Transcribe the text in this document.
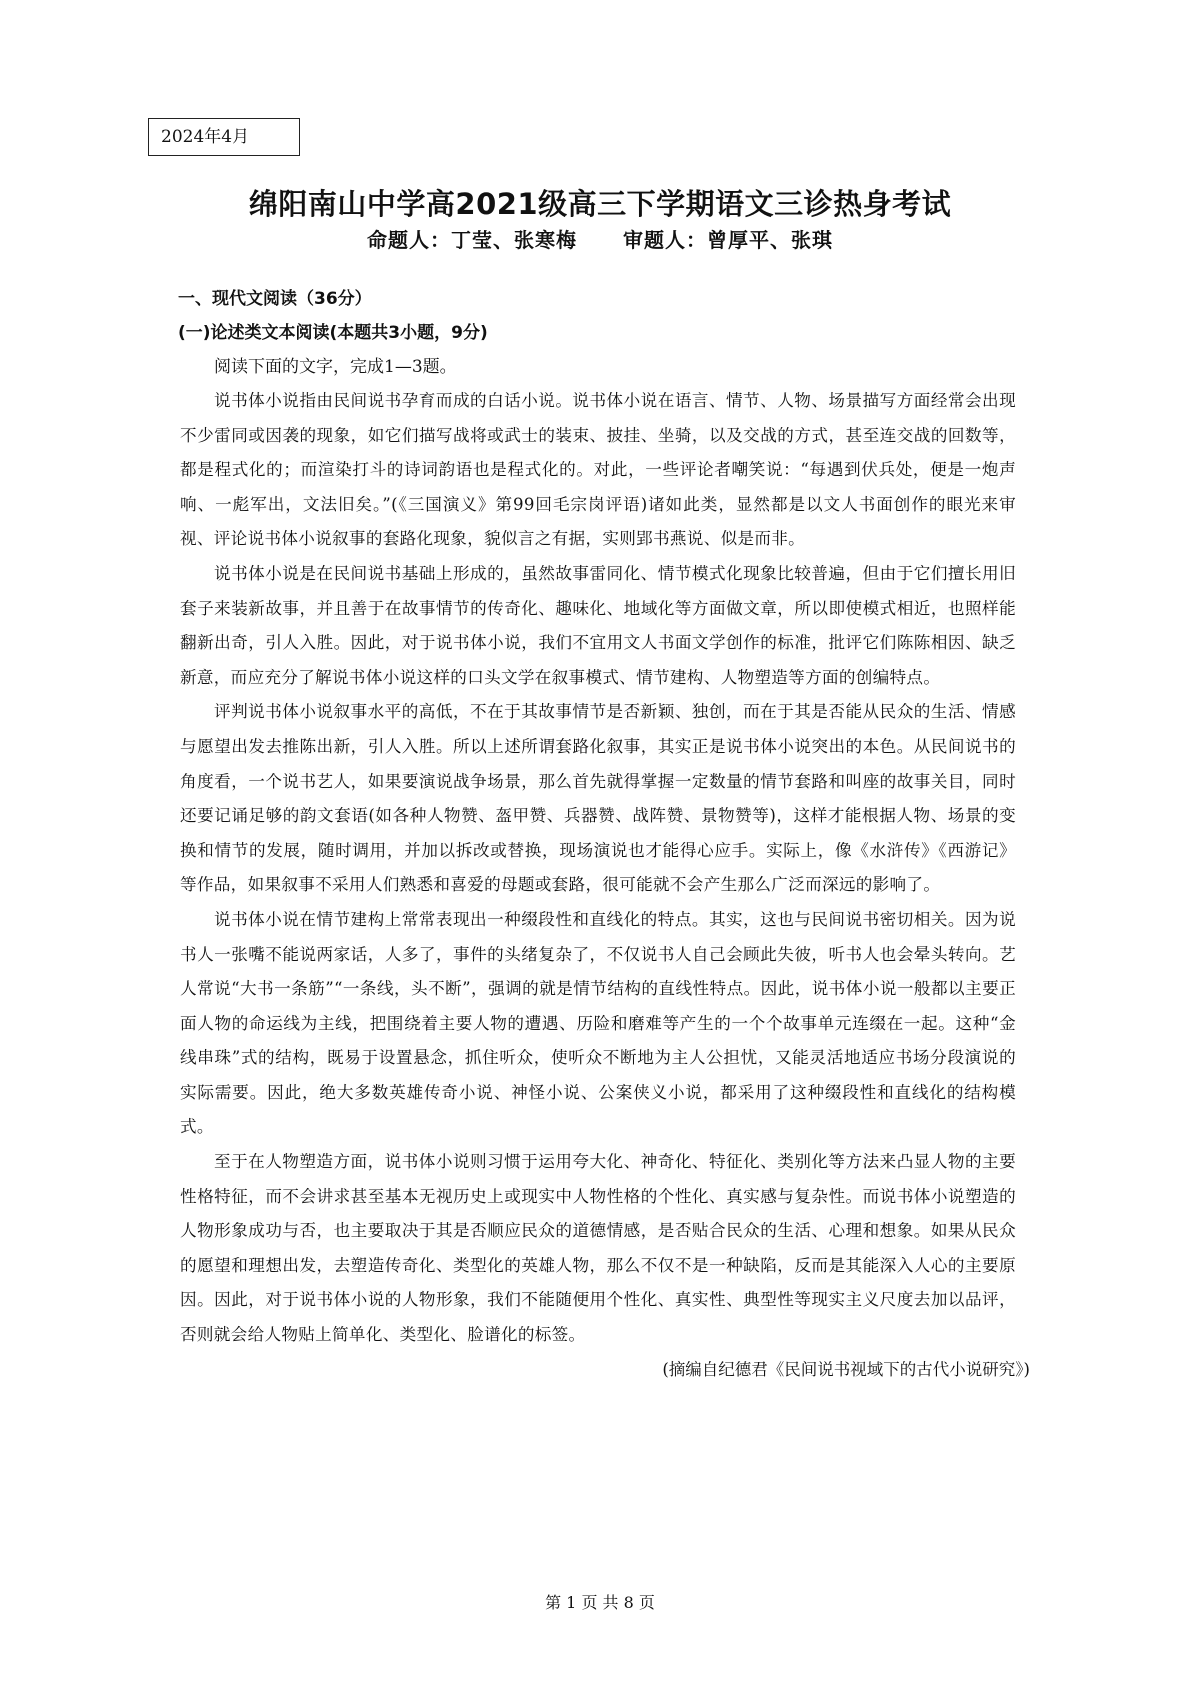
2024年4月
绵阳南山中学高2021级高三下学期语文三诊热身考试
命题人：丁莹、张寒梅 审题人：曾厚平、张琪
一、现代文阅读（36分）
(一)论述类文本阅读(本题共3小题，9分)

阅读下面的文字，完成1—3题。

说书体小说指由民间说书孕育而成的白话小说。说书体小说在语言、情节、人物、场景描写方面经常会出现不少雷同或因袭的现象，如它们描写战将或武士的装束、披挂、坐骑，以及交战的方式，甚至连交战的回数等，都是程式化的；而渲染打斗的诗词韵语也是程式化的。对此，一些评论者嘲笑说：“每遇到伏兵处，便是一炮声响、一彪军出，文法旧矣。”(《三国演义》第99回毛宗岗评语)诸如此类，显然都是以文人书面创作的眼光来审视、评论说书体小说叙事的套路化现象，貌似言之有据，实则郢书燕说、似是而非。

说书体小说是在民间说书基础上形成的，虽然故事雷同化、情节模式化现象比较普遍，但由于它们擅长用旧套子来装新故事，并且善于在故事情节的传奇化、趣味化、地域化等方面做文章，所以即使模式相近，也照样能翻新出奇，引人入胜。因此，对于说书体小说，我们不宜用文人书面文学创作的标准，批评它们陈陈相因、缺乏新意，而应充分了解说书体小说这样的口头文学在叙事模式、情节建构、人物塑造等方面的创编特点。

评判说书体小说叙事水平的高低，不在于其故事情节是否新颖、独创，而在于其是否能从民众的生活、情感与愿望出发去推陈出新，引人入胜。所以上述所谓套路化叙事，其实正是说书体小说突出的本色。从民间说书的角度看，一个说书艺人，如果要演说战争场景，那么首先就得掌握一定数量的情节套路和叫座的故事关目，同时还要记诵足够的韵文套语(如各种人物赞、盔甲赞、兵器赞、战阵赞、景物赞等)，这样才能根据人物、场景的变换和情节的发展，随时调用，并加以拆改或替换，现场演说也才能得心应手。实际上，像《水浒传》《西游记》等作品，如果叙事不采用人们熟悉和喜爱的母题或套路，很可能就不会产生那么广泛而深远的影响了。

说书体小说在情节建构上常常表现出一种缀段性和直线化的特点。其实，这也与民间说书密切相关。因为说书人一张嘴不能说两家话，人多了，事件的头绪复杂了，不仅说书人自己会顾此失彼，听书人也会晕头转向。艺人常说“大书一条筋”“一条线，头不断”，强调的就是情节结构的直线性特点。因此，说书体小说一般都以主要正面人物的命运线为主线，把围绕着主要人物的遭遇、历险和磨难等产生的一个个故事单元连缀在一起。这种“金线串珠”式的结构，既易于设置悬念，抓住听众，使听众不断地为主人公担忧，又能灵活地适应书场分段演说的实际需要。因此，绝大多数英雄传奇小说、神怪小说、公案侠义小说，都采用了这种缀段性和直线化的结构模式。

至于在人物塑造方面，说书体小说则习惯于运用夸大化、神奇化、特征化、类别化等方法来凸显人物的主要性格特征，而不会讲求甚至基本无视历史上或现实中人物性格的个性化、真实感与复杂性。而说书体小说塑造的人物形象成功与否，也主要取决于其是否顺应民众的道德情感，是否贴合民众的生活、心理和想象。如果从民众的愿望和理想出发，去塑造传奇化、类型化的英雄人物，那么不仅不是一种缺陷，反而是其能深入人心的主要原因。因此，对于说书体小说的人物形象，我们不能随便用个性化、真实性、典型性等现实主义尺度去加以品评，否则就会给人物贴上简单化、类型化、脸谱化的标签。

(摘编自纪德君《民间说书视域下的古代小说研究》)
第 1 页 共 8 页
